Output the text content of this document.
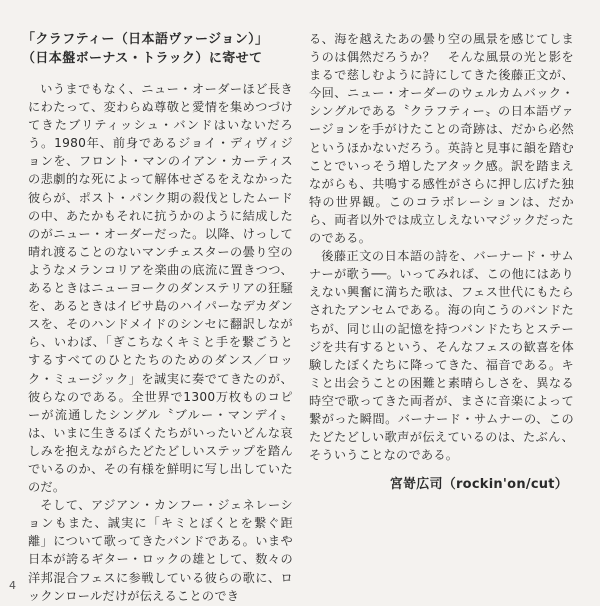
「クラフティー（日本語ヴァージョン）」
（日本盤ボーナス・トラック）に寄せて

いうまでもなく、ニュー・オーダーほど長きにわたって、変わらぬ尊敬と愛情を集めつづけてきたブリティッシュ・バンドはいないだろう。1980年、前身であるジョイ・ディヴィジョンを、フロント・マンのイアン・カーティスの悲劇的な死によって解体せざるをえなかった彼らが、ポスト・パンク期の殺伐としたムードの中、あたかもそれに抗うかのように結成したのがニュー・オーダーだった。以降、けっして晴れ渡ることのないマンチェスターの曇り空のようなメランコリアを楽曲の底流に置きつつ、あるときはニューヨークのダンステリアの狂騒を、あるときはイビサ島のハイパーなデカダンスを、そのハンドメイドのシンセに翻訳しながら、いわば、「ぎこちなくキミと手を繋ごうとするすべてのひとたちのためのダンス／ロック・ミュージック」を誠実に奏でてきたのが、彼らなのである。全世界で1300万枚ものコピーが流通したシングル〝ブルー・マンデイ〟は、いまに生きるぼくたちがいったいどんな哀しみを抱えながらたどたどしいステップを踏んでいるのか、その有様を鮮明に写し出していたのだ。

そして、アジアン・カンフー・ジェネレーションもまた、誠実に「キミとぼくとを繋ぐ距離」について歌ってきたバンドである。いまや日本が誇るギター・ロックの雄として、数々の洋邦混合フェスに参戦している彼らの歌に、ロックンロールだけが伝えることのでき

る、海を越えたあの曇り空の風景を感じてしまうのは偶然だろうか？　そんな風景の光と影をまるで慈しむように詩にしてきた後藤正文が、今回、ニュー・オーダーのウェルカムバック・シングルである〝クラフティー〟の日本語ヴァージョンを手がけたことの奇跡は、だから必然というほかないだろう。英詩と見事に韻を踏むことでいっそう増したアタック感。訳を踏まえながらも、共鳴する感性がさらに押し広げた独特の世界観。このコラボレーションは、だから、両者以外では成立しえないマジックだったのである。

後藤正文の日本語の詩を、バーナード・サムナーが歌う──。いってみれば、この他にはありえない興奮に満ちた歌は、フェス世代にもたらされたアンセムである。海の向こうのバンドたちが、同じ山の記憶を持つバンドたちとステージを共有するという、そんなフェスの歓喜を体験したぼくたちに降ってきた、福音である。キミと出会うことの困難と素晴らしさを、異なる時空で歌ってきた両者が、まさに音楽によって繋がった瞬間。バーナード・サムナーの、このたどたどしい歌声が伝えているのは、たぶん、そういうことなのである。

宮嵜広司（rockin'on/cut）
4
